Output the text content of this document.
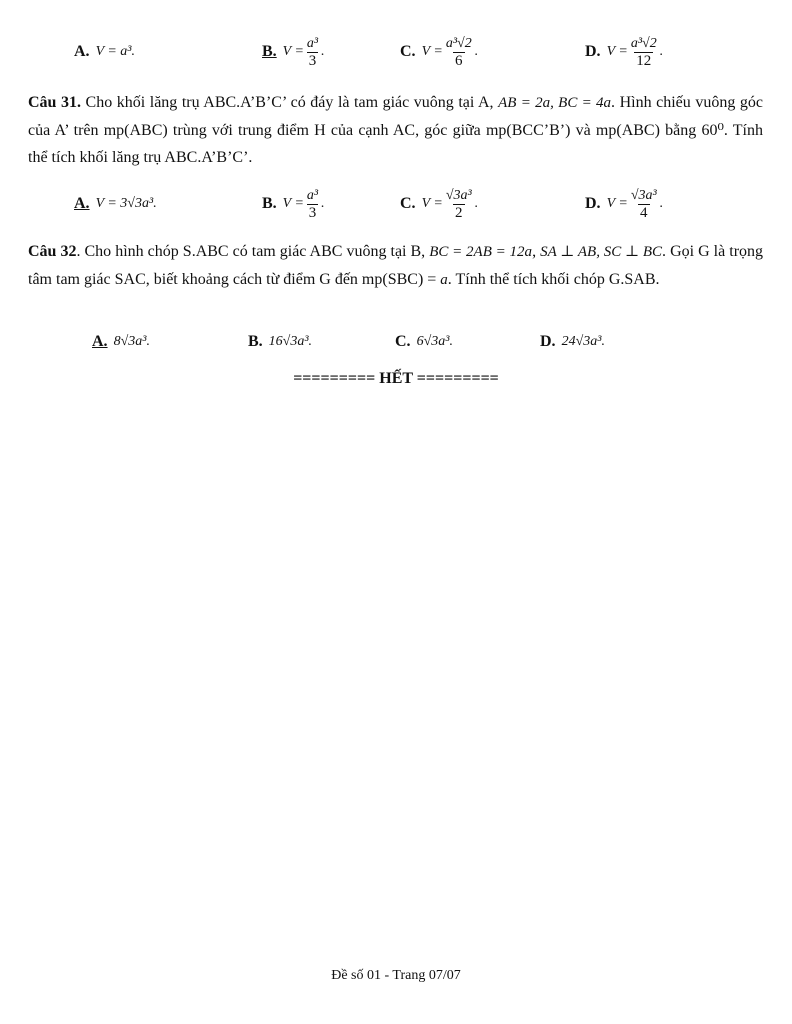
A. V = a³.	B. $V = \frac{\text{a³}}{3}$ .	C. $V = \frac{\text{a³√2}}{6}$ .	D. $V = \frac{\text{a³√2}}{12}$ .
Câu 31. Cho khối lăng trụ ABC.A’B’C’ có đáy là tam giác vuông tại A, AB = 2a, BC = 4a. Hình chiếu vuông góc của A’ trên mp(ABC) trùng với trung điểm H của cạnh AC, góc giữa mp(BCC’B’) và mp(ABC) bằng 60⁰. Tính thể tích khối lăng trụ ABC.A’B’C’.
A. V = 3√3a³.	B. $V = \frac{\text{a³}}{3}$ .	C. $V = \frac{\text{√3a³}}{2}$ .	D. $V = \frac{\text{√3a³}}{4}$ .
Câu 32. Cho hình chóp S.ABC có tam giác ABC vuông tại B, BC = 2AB = 12a, SA ⊥ AB, SC ⊥ BC. Gọi G là trọng tâm tam giác SAC, biết khoảng cách từ điểm G đến mp(SBC) = a. Tính thể tích khối chóp G.SAB.
A. 8√3a³.	B. 16√3a³.	C. 6√3a³.	D. 24√3a³.
========= HẾT =========
Đề số 01 - Trang 07/07
